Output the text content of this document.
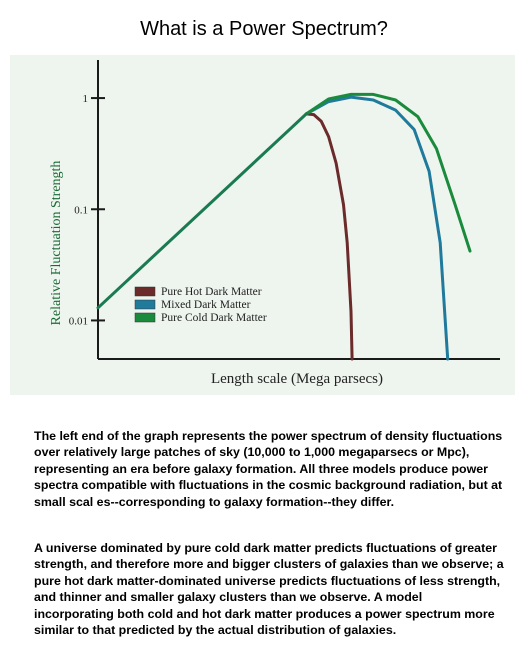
What is a Power Spectrum?
1
0.1
0.01
Pure Hot Dark Matter
Mixed Dark Matter
Pure Cold Dark Matter
Length scale (Mega parsecs)
Relative Fluctuation Strength

The left end of the graph represents the power spectrum of density fluctuations over relatively large patches of sky (10,000 to 1,000 megaparsecs or Mpc), representing an era before galaxy formation. All three models produce power spectra compatible with fluctuations in the cosmic background radiation, but at small scal es--corresponding to galaxy formation--they differ.

A universe dominated by pure cold dark matter predicts fluctuations of greater strength, and therefore more and bigger clusters of galaxies than we observe; a pure hot dark matter-dominated universe predicts fluctuations of less strength, and thinner and smaller galaxy clusters than we observe. A model incorporating both cold and hot dark matter produces a power spectrum more similar to that predicted by the actual distribution of galaxies.
